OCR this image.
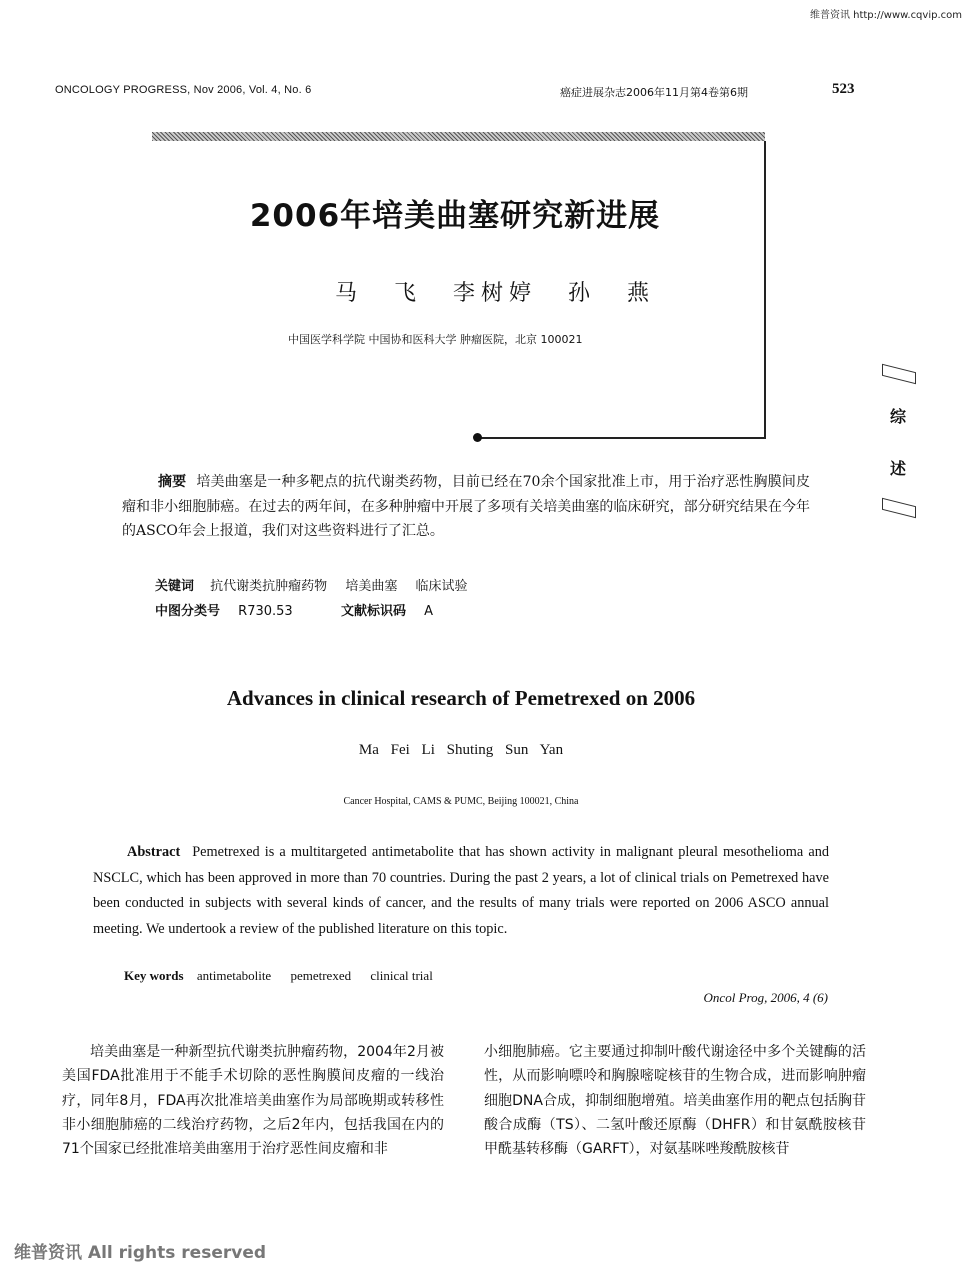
维普资讯 http://www.cqvip.com
ONCOLOGY PROGRESS, Nov 2006, Vol. 4, No. 6	癌症进展杂志2006年11月第4卷第6期	523
2006年培美曲塞研究新进展
马 飞 李树婷 孙 燕
中国医学科学院 中国协和医科大学 肿瘤医院，北京 100021
综
述
摘要 培美曲塞是一种多靶点的抗代谢类药物，目前已经在70余个国家批准上市，用于治疗恶性胸膜间皮瘤和非小细胞肺癌。在过去的两年间，在多种肿瘤中开展了多项有关培美曲塞的临床研究，部分研究结果在今年的ASCO年会上报道，我们对这些资料进行了汇总。
关键词 抗代谢类抗肿瘤药物 培美曲塞 临床试验
中图分类号 R730.53	文献标识码 A
Advances in clinical research of Pemetrexed on 2006
Ma Fei Li Shuting Sun Yan
Cancer Hospital, CAMS & PUMC, Beijing 100021, China
Abstract Pemetrexed is a multitargeted antimetabolite that has shown activity in malignant pleural mesothelioma and NSCLC, which has been approved in more than 70 countries. During the past 2 years, a lot of clinical trials on Pemetrexed have been conducted in subjects with several kinds of cancer, and the results of many trials were reported on 2006 ASCO annual meeting. We undertook a review of the published literature on this topic.
Key words antimetabolite pemetrexed clinical trial
Oncol Prog, 2006, 4 (6)
培美曲塞是一种新型抗代谢类抗肿瘤药物，2004年2月被美国FDA批准用于不能手术切除的恶性胸膜间皮瘤的一线治疗，同年8月，FDA再次批准培美曲塞作为局部晚期或转移性非小细胞肺癌的二线治疗药物，之后2年内，包括我国在内的71个国家已经批准培美曲塞用于治疗恶性间皮瘤和非
小细胞肺癌。它主要通过抑制叶酸代谢途径中多个关键酶的活性，从而影响嘌呤和胸腺嘧啶核苷的生物合成，进而影响肿瘤细胞DNA合成，抑制细胞增殖。培美曲塞作用的靶点包括胸苷酸合成酶（TS）、二氢叶酸还原酶（DHFR）和甘氨酰胺核苷甲酰基转移酶（GARFT），对氨基咪唑羧酰胺核苷
维普资讯 All rights reserved
